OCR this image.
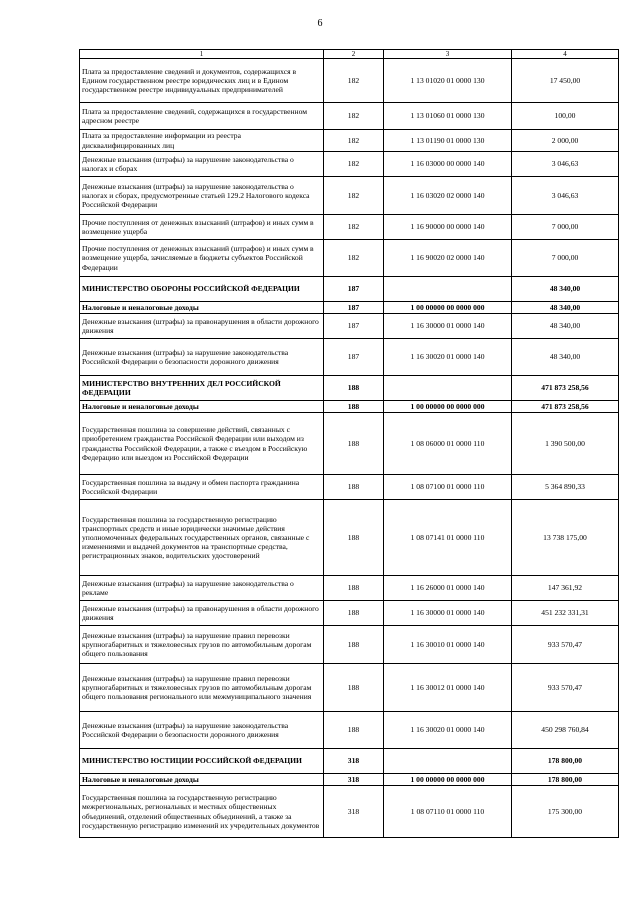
6
1	2	3	4
Плата за предоставление сведений и документов, содержащихся в Едином государственном реестре юридических лиц и в Едином государственном реестре индивидуальных предпринимателей	182	1 13 01020 01 0000 130	17 450,00
Плата за предоставление сведений, содержащихся в государственном адресном реестре	182	1 13 01060 01 0000 130	100,00
Плата за предоставление информации из реестра дисквалифицированных лиц	182	1 13 01190 01 0000 130	2 000,00
Денежные взыскания (штрафы) за нарушение законодательства о налогах и сборах	182	1 16 03000 00 0000 140	3 046,63
Денежные взыскания (штрафы) за нарушение законодательства о налогах и сборах, предусмотренные статьей 129.2 Налогового кодекса Российской Федерации	182	1 16 03020 02 0000 140	3 046,63
Прочие поступления от денежных взысканий (штрафов) и иных сумм в возмещение ущерба	182	1 16 90000 00 0000 140	7 000,00
Прочие поступления от денежных взысканий (штрафов) и иных сумм в возмещение ущерба, зачисляемые в бюджеты субъектов Российской Федерации	182	1 16 90020 02 0000 140	7 000,00
МИНИСТЕРСТВО ОБОРОНЫ РОССИЙСКОЙ ФЕДЕРАЦИИ	187		48 340,00
Налоговые и неналоговые доходы	187	1 00 00000 00 0000 000	48 340,00
Денежные взыскания (штрафы) за правонарушения в области дорожного движения	187	1 16 30000 01 0000 140	48 340,00
Денежные взыскания (штрафы) за нарушение законодательства Российской Федерации о безопасности дорожного движения	187	1 16 30020 01 0000 140	48 340,00
МИНИСТЕРСТВО ВНУТРЕННИХ ДЕЛ РОССИЙСКОЙ ФЕДЕРАЦИИ	188		471 873 258,56
Налоговые и неналоговые доходы	188	1 00 00000 00 0000 000	471 873 258,56
Государственная пошлина за совершение действий, связанных с приобретением гражданства Российской Федерации или выходом из гражданства Российской Федерации, а также с въездом в Российскую Федерацию или выездом из Российской Федерации	188	1 08 06000 01 0000 110	1 390 500,00
Государственная пошлина за выдачу и обмен паспорта гражданина Российской Федерации	188	1 08 07100 01 0000 110	5 364 890,33
Государственная пошлина за государственную регистрацию транспортных средств и иные юридически значимые действия уполномоченных федеральных государственных органов, связанные с изменениями и выдачей документов на транспортные средства, регистрационных знаков, водительских удостоверений	188	1 08 07141 01 0000 110	13 738 175,00
Денежные взыскания (штрафы) за нарушение законодательства о рекламе	188	1 16 26000 01 0000 140	147 361,92
Денежные взыскания (штрафы) за правонарушения в области дорожного движения	188	1 16 30000 01 0000 140	451 232 331,31
Денежные взыскания (штрафы) за нарушение правил перевозки крупногабаритных и тяжеловесных грузов по автомобильным дорогам общего пользования	188	1 16 30010 01 0000 140	933 570,47
Денежные взыскания (штрафы) за нарушение правил перевозки крупногабаритных и тяжеловесных грузов по автомобильным дорогам общего пользования регионального или межмуниципального значения	188	1 16 30012 01 0000 140	933 570,47
Денежные взыскания (штрафы) за нарушение законодательства Российской Федерации о безопасности дорожного движения	188	1 16 30020 01 0000 140	450 298 760,84
МИНИСТЕРСТВО ЮСТИЦИИ РОССИЙСКОЙ ФЕДЕРАЦИИ	318		178 800,00
Налоговые и неналоговые доходы	318	1 00 00000 00 0000 000	178 800,00
Государственная пошлина за государственную регистрацию межрегиональных, региональных и местных общественных объединений, отделений общественных объединений, а также за государственную регистрацию изменений их учредительных документов	318	1 08 07110 01 0000 110	175 300,00
